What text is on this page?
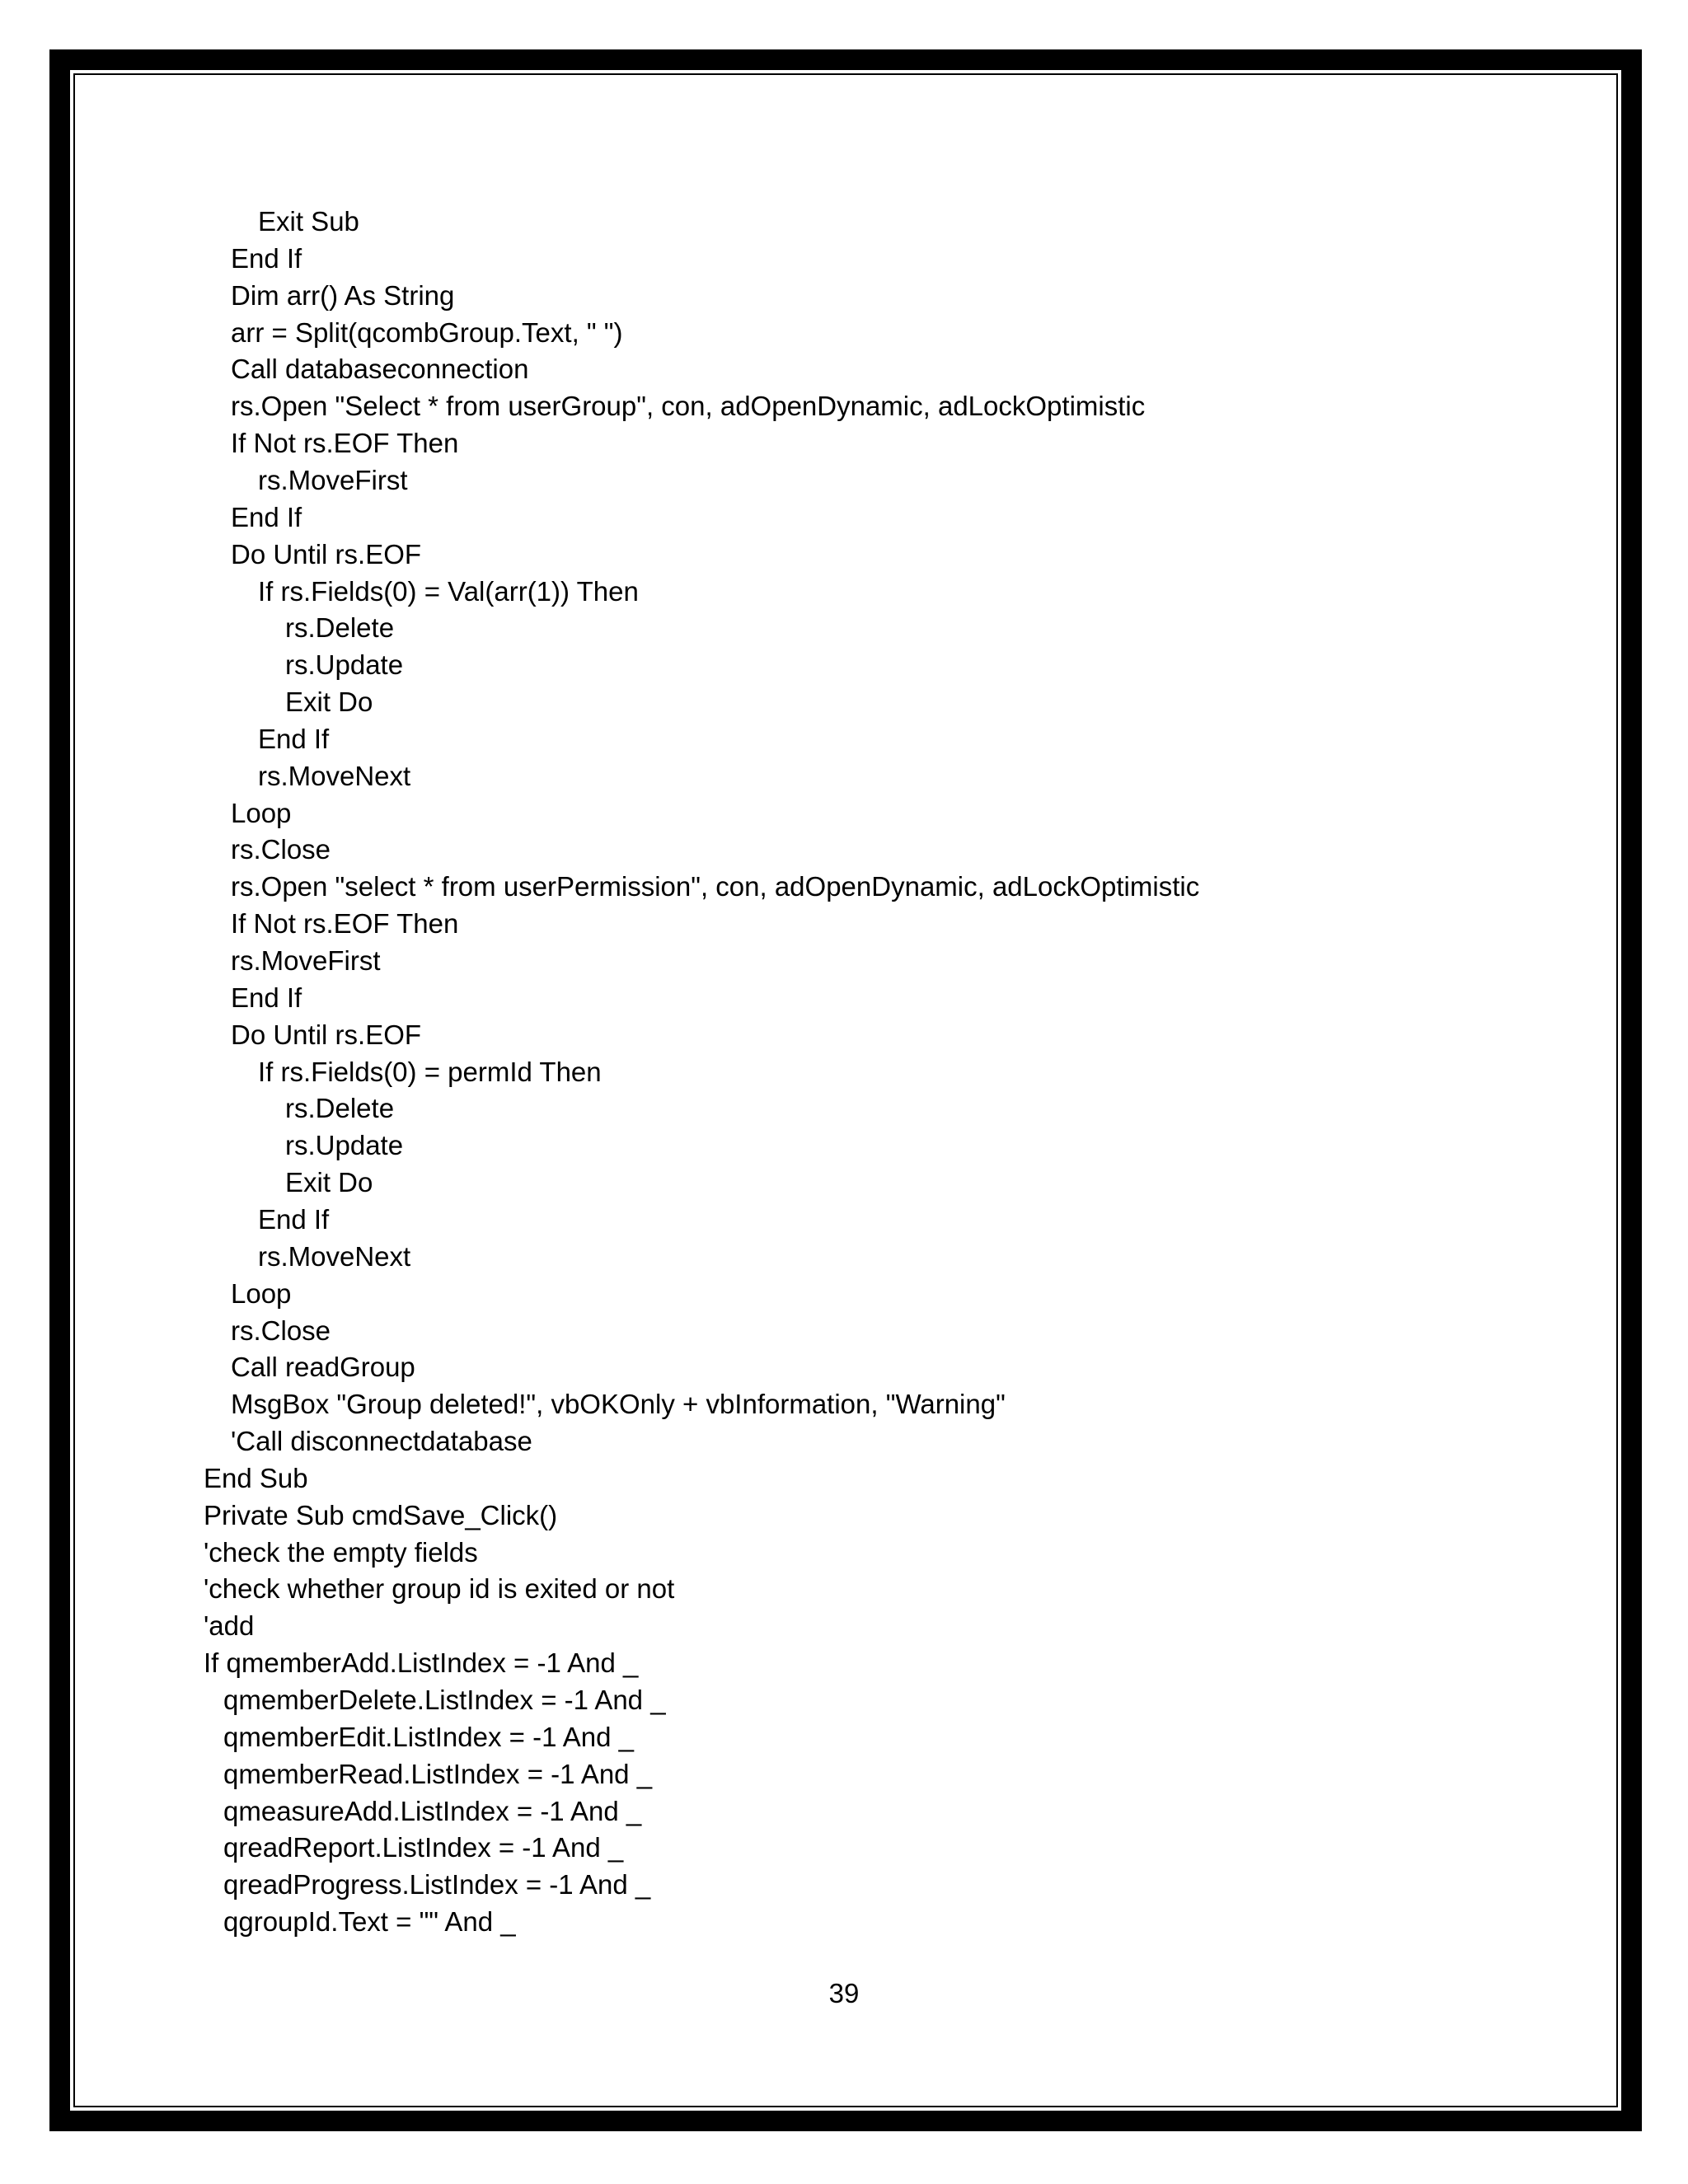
Exit Sub
End If
Dim arr() As String
arr = Split(qcombGroup.Text, " ")
Call databaseconnection
rs.Open "Select * from userGroup", con, adOpenDynamic, adLockOptimistic
If Not rs.EOF Then
rs.MoveFirst
End If
Do Until rs.EOF
If rs.Fields(0) = Val(arr(1)) Then
rs.Delete
rs.Update
Exit Do
End If
rs.MoveNext
Loop
rs.Close
rs.Open "select * from userPermission", con, adOpenDynamic, adLockOptimistic
If Not rs.EOF Then
rs.MoveFirst
End If
Do Until rs.EOF
If rs.Fields(0) = permId Then
rs.Delete
rs.Update
Exit Do
End If
rs.MoveNext
Loop
rs.Close
Call readGroup
MsgBox "Group deleted!", vbOKOnly + vbInformation, "Warning"
'Call disconnectdatabase
End Sub
Private Sub cmdSave_Click()
'check the empty fields
'check whether group id is exited or not
'add
If qmemberAdd.ListIndex = -1 And _
qmemberDelete.ListIndex = -1 And _
qmemberEdit.ListIndex = -1 And _
qmemberRead.ListIndex = -1 And _
qmeasureAdd.ListIndex = -1 And _
qreadReport.ListIndex = -1 And _
qreadProgress.ListIndex = -1 And _
qgroupId.Text = "" And _
39
